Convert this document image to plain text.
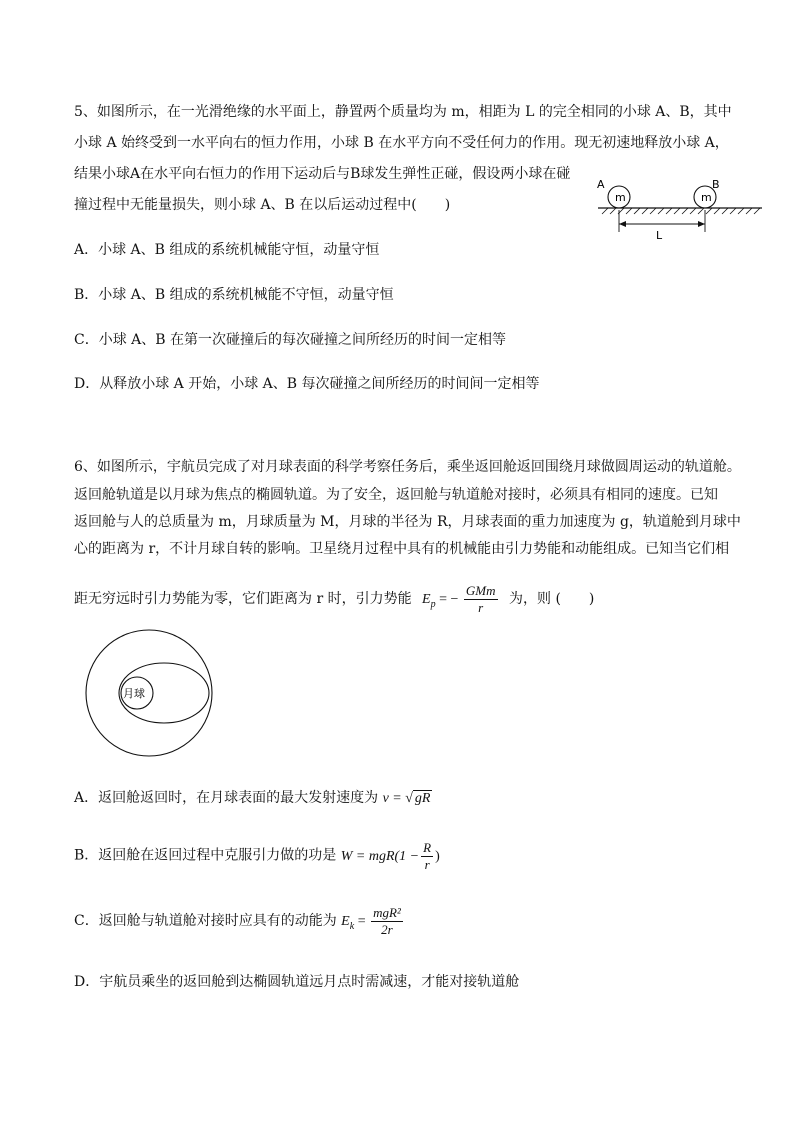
5、如图所示，在一光滑绝缘的水平面上，静置两个质量均为 m，相距为 L 的完全相同的小球 A、B，其中
小球 A 始终受到一水平向右的恒力作用，小球 B 在水平方向不受任何力的作用。现无初速地释放小球 A，
结果小球A在水平向右恒力的作用下运动后与B球发生弹性正碰，假设两小球在碰
撞过程中无能量损失，则小球 A、B 在以后运动过程中(　　)	m	m
A	B
L
A．小球 A、B 组成的系统机械能守恒，动量守恒
B．小球 A、B 组成的系统机械能不守恒，动量守恒
C．小球 A、B 在第一次碰撞后的每次碰撞之间所经历的时间一定相等
D．从释放小球 A 开始，小球 A、B 每次碰撞之间所经历的时间间一定相等
6、如图所示，宇航员完成了对月球表面的科学考察任务后，乘坐返回舱返回围绕月球做圆周运动的轨道舱。
返回舱轨道是以月球为焦点的椭圆轨道。为了安全，返回舱与轨道舱对接时，必须具有相同的速度。已知
返回舱与人的总质量为 m，月球质量为 M，月球的半径为 R，月球表面的重力加速度为 g，轨道舱到月球中
心的距离为 r，不计月球自转的影响。卫星绕月过程中具有的机械能由引力势能和动能组成。已知当它们相
距无穷远时引力势能为零，它们距离为 r 时，引力势能 $E_p$ = − $\frac{\text{GMm}}{r}$ 为，则 (　　)
月球
A．返回舱返回时，在月球表面的最大发射速度为 v = √ gR
B．返回舱在返回过程中克服引力做的功是 $W = mgR(1 - \frac{R}{r}$ )
C．返回舱与轨道舱对接时应具有的动能为 $E_k = \frac{\text{mgR²}}{2r}$
D．宇航员乘坐的返回舱到达椭圆轨道远月点时需减速，才能对接轨道舱
